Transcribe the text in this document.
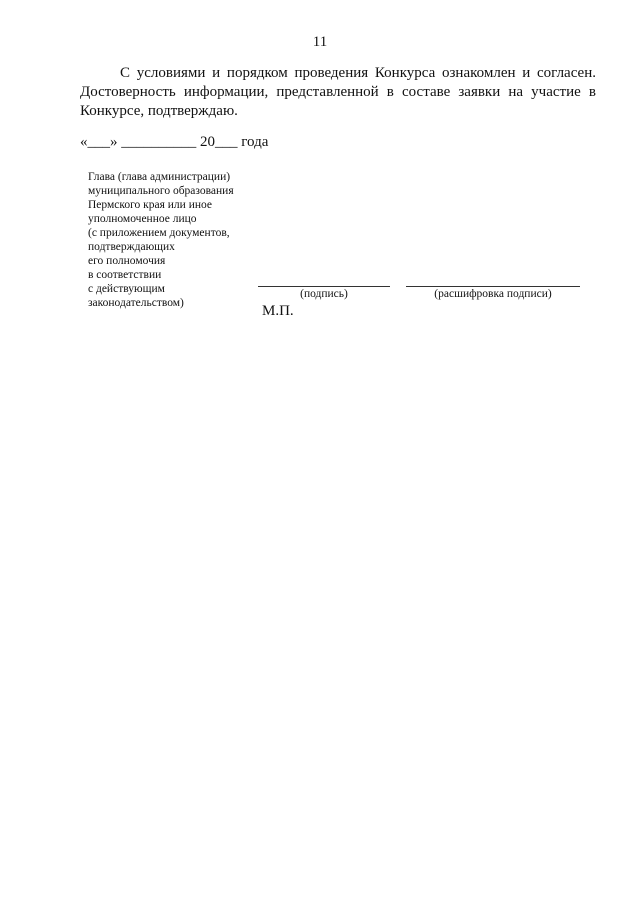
11
С условиями и порядком проведения Конкурса ознакомлен и согласен. Достоверность информации, представленной в составе заявки на участие в Конкурсе, подтверждаю.
«___» __________ 20___ года
Глава (глава администрации)
муниципального образования
Пермского края или иное
уполномоченное лицо
(с приложением документов,
подтверждающих
его полномочия
в соответствии
с действующим
законодательством)
(подпись)	(расшифровка подписи)
М.П.
